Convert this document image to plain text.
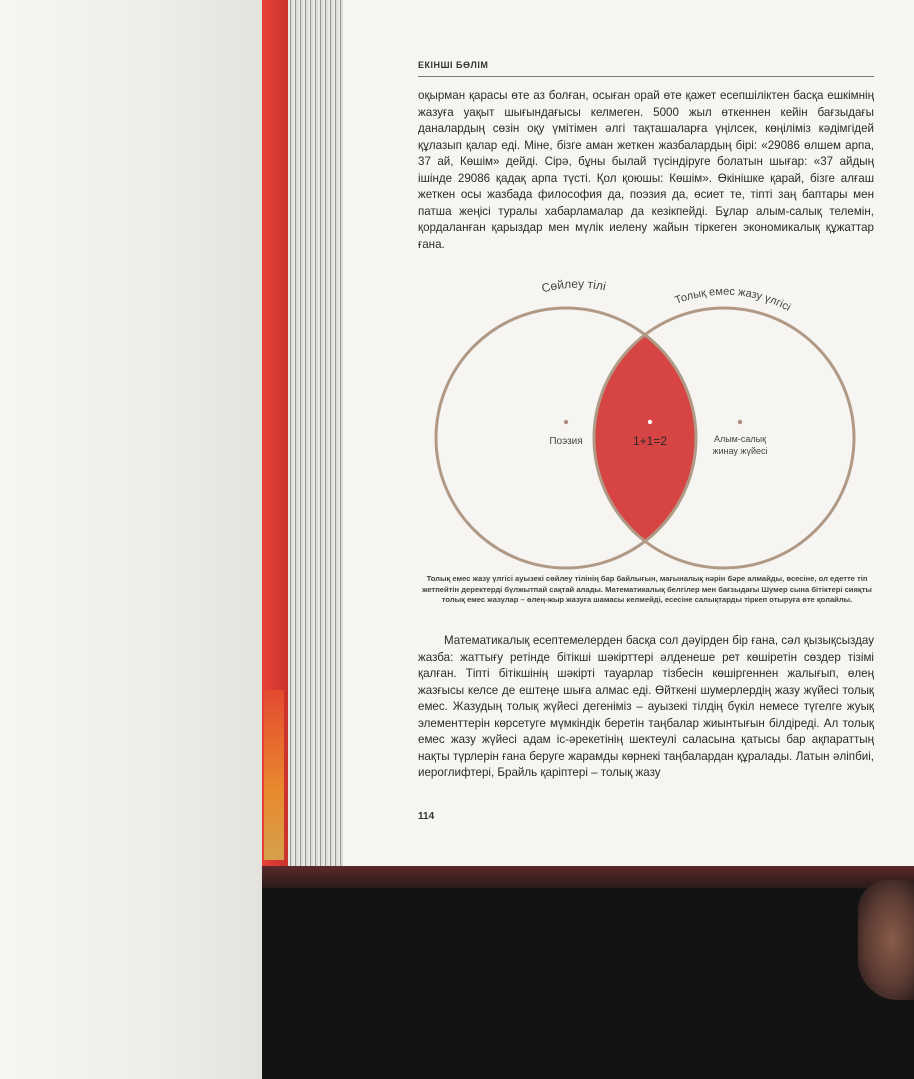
ЕКІНШІ БӨЛІМ

оқырман қарасы өте аз болған, осыған орай өте қажет есепшіліктен басқа ешкімнің жазуға уақыт шығындағысы келмеген. 5000 жыл өткеннен кейін бағзыдағы даналардың сөзін оқу үмітімен әлгі тақташаларға үңілсек, көңіліміз кәдімгідей құлазып қалар еді. Міне, бізге аман жеткен жазбалардың бірі: «29086 өлшем арпа, 37 ай, Көшім» дейді. Сірә, бұны былай түсіндіруге болатын шығар: «37 айдың ішінде 29086 қадақ арпа түсті. Қол қоюшы: Көшім». Өкінішке қарай, бізге алғаш жеткен осы жазбада философия да, поэзия да, өсиет те, тіпті заң баптары мен патша жеңісі туралы хабарламалар да кезікпейді. Бұлар алым-салық телемін, қордаланған қарыздар мен мүлік иелену жайын тіркеген экономикалық құжаттар ғана.

Сөйлеу тілі
Толық емес жазу үлгісі
Поэзия	1+1=2	Алым-салық
жинау жүйесі
Толық емес жазу үлгісі ауызекі сөйлеу тілінің бар байлығын, мағыналық нәрін бәре алмайды, өсесіне, ол едетте тіп жетпейтін деректерді бүлжытпай сақтай алады. Математикалық белгілер мен бағзыдағы Шумер сына бітіктері сияқты толық емес жазулар – өлең-жыр жазуға шамасы келмейді, есесіне салықтарды тіркеп отыруға өте қолайлы.

Математикалық есептемелерден басқа сол дәуірден бір ғана, сәл қызықсыздау жазба: жаттығу ретінде бітікші шәкірттері әлденеше рет көшіретін сөздер тізімі қалған. Тіпті бітікшінің шәкірті тауарлар тізбесін көшіргеннен жалығып, өлең жазғысы келсе де ештеңе шыға алмас еді. Өйткені шумерлердің жазу жүйесі толық емес. Жазудың толық жүйесі дегеніміз – ауызекі тілдің бүкіл немесе түгелге жуық элементтерін көрсетуге мүмкіндік беретін таңбалар жиынтығын білдіреді. Ал толық емес жазу жүйесі адам іс-әрекетінің шектеулі саласына қатысы бар ақпараттың нақты түрлерін ғана беруге жарамды көрнекі таңбалардан құралады. Латын әліпбиі, иероглифтері, Брайль қаріптері – толық жазу

114
